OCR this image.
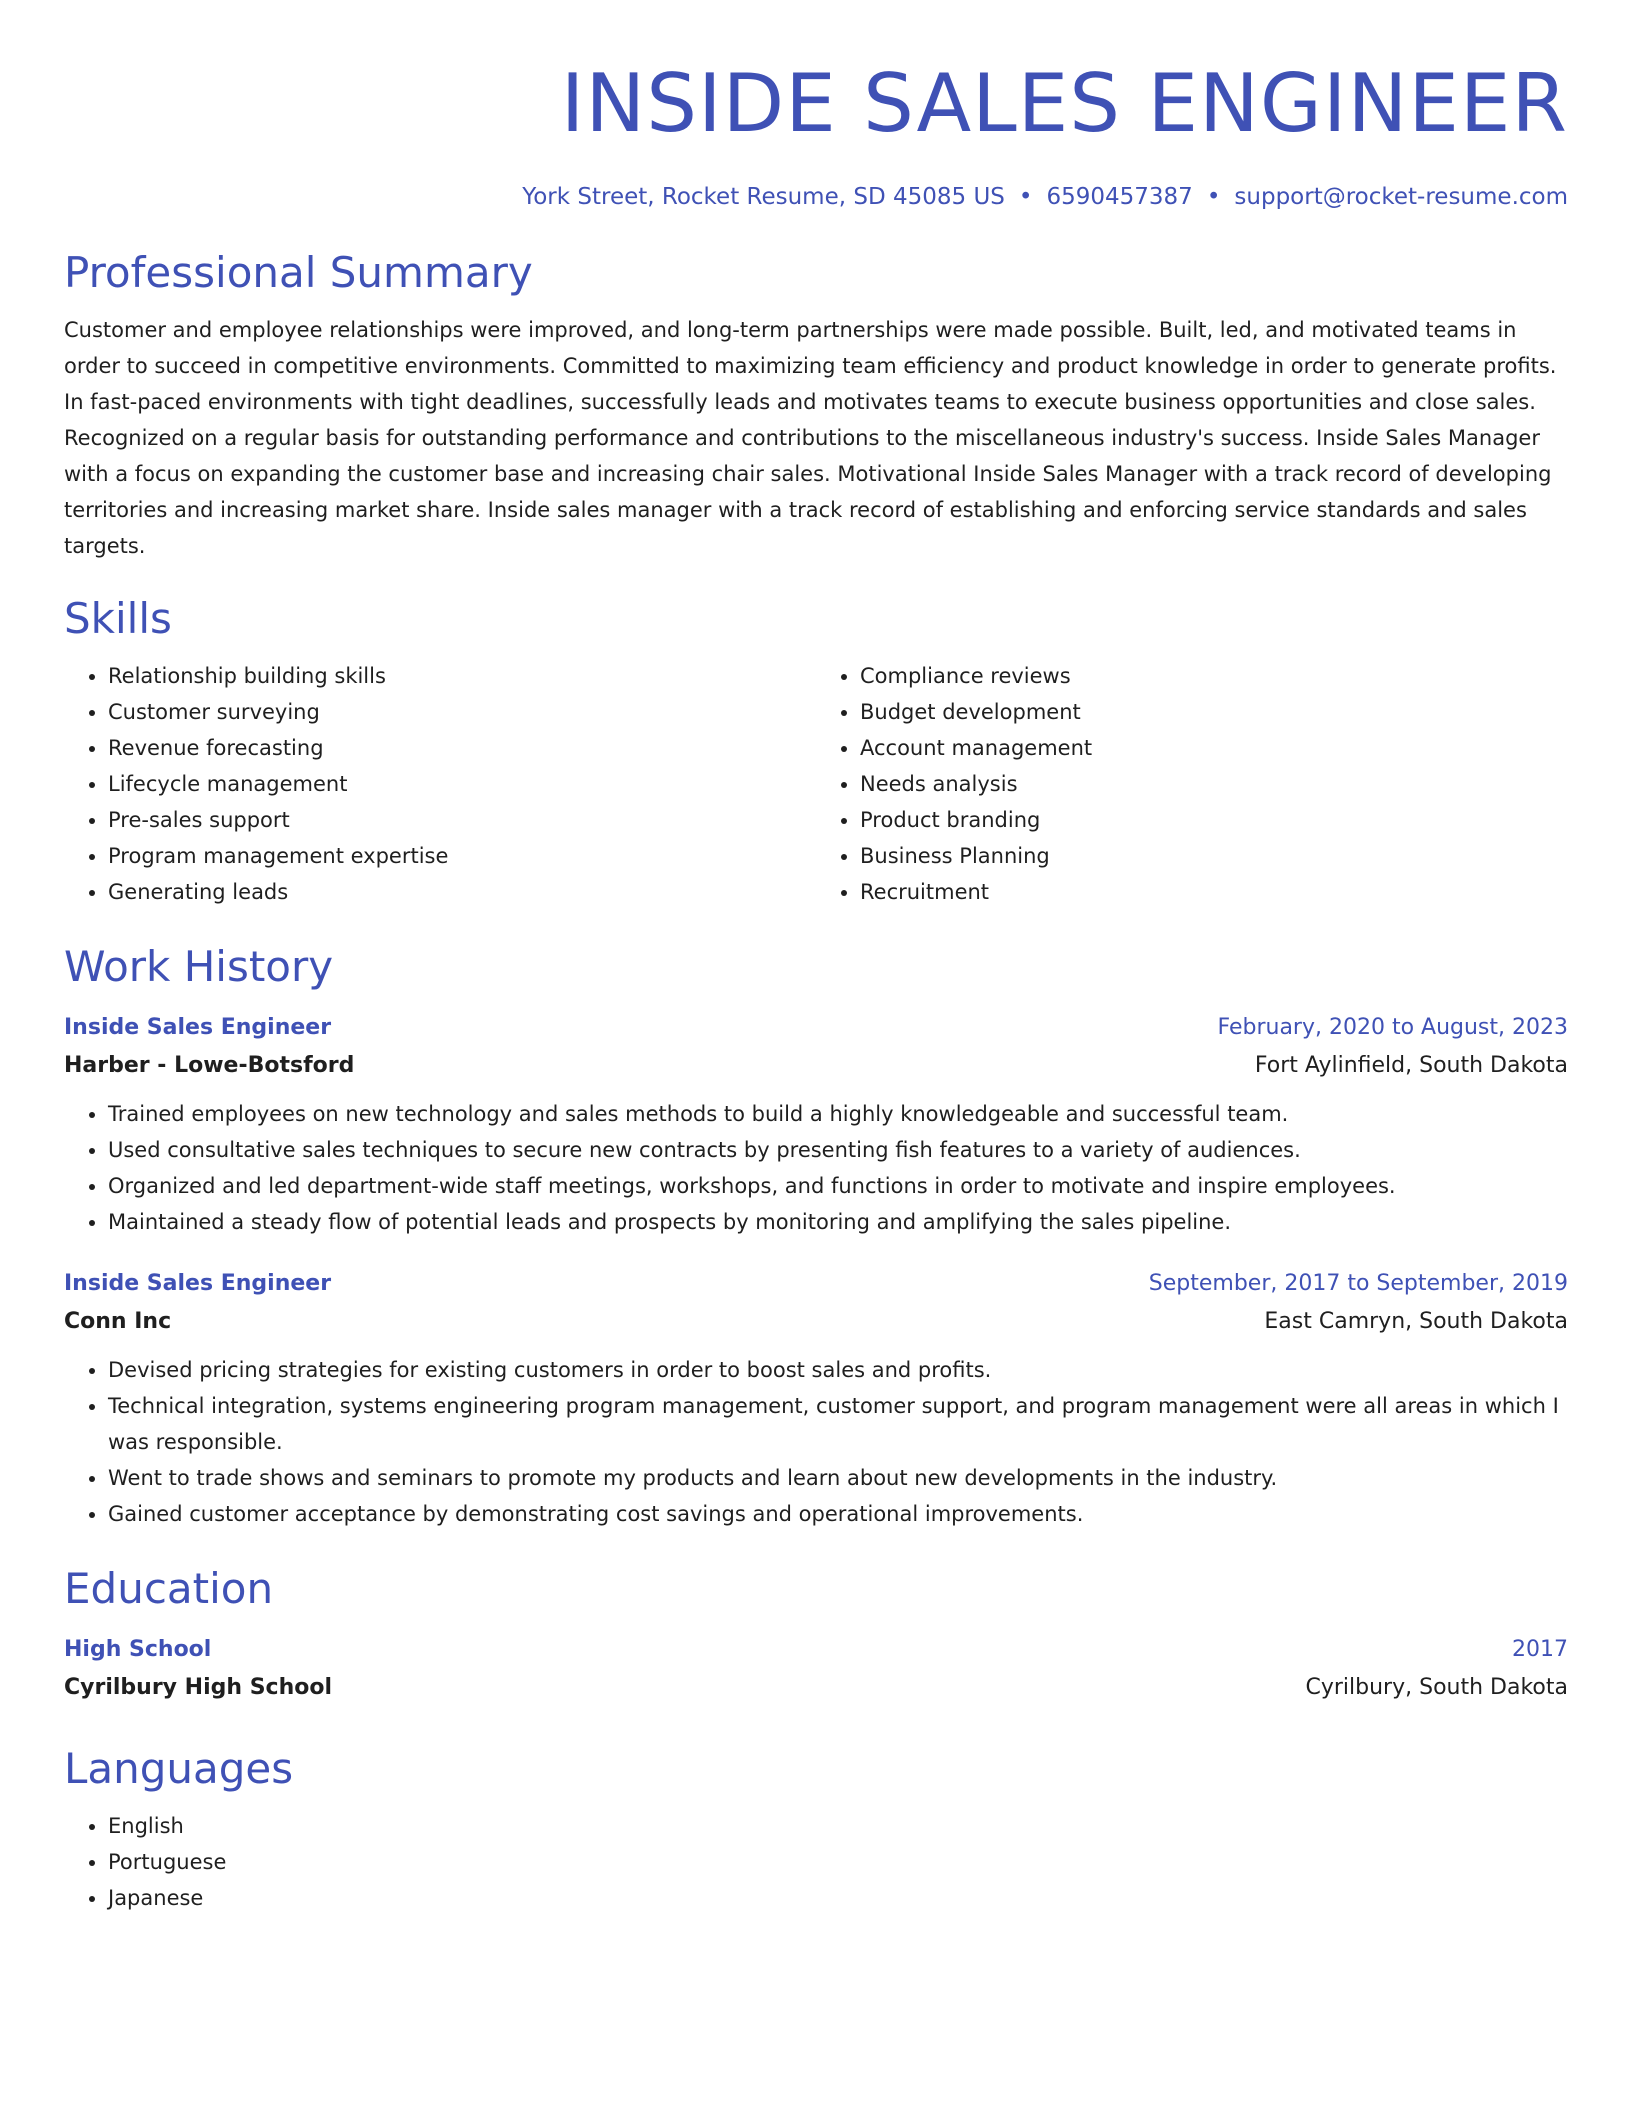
INSIDE SALES ENGINEER
York Street, Rocket Resume, SD 45085 US • 6590457387 • support@rocket-resume.com
Professional Summary
Customer and employee relationships were improved, and long-term partnerships were made possible. Built, led, and motivated teams in order to succeed in competitive environments. Committed to maximizing team efficiency and product knowledge in order to generate profits. In fast-paced environments with tight deadlines, successfully leads and motivates teams to execute business opportunities and close sales. Recognized on a regular basis for outstanding performance and contributions to the miscellaneous industry's success. Inside Sales Manager with a focus on expanding the customer base and increasing chair sales. Motivational Inside Sales Manager with a track record of developing territories and increasing market share. Inside sales manager with a track record of establishing and enforcing service standards and sales targets.
Skills
• Relationship building skills
• Customer surveying
• Revenue forecasting
• Lifecycle management
• Pre-sales support
• Program management expertise
• Generating leads
• Compliance reviews
• Budget development
• Account management
• Needs analysis
• Product branding
• Business Planning
• Recruitment
Work History
Inside Sales Engineer	February, 2020 to August, 2023
Harber - Lowe-Botsford	Fort Aylinfield, South Dakota
• Trained employees on new technology and sales methods to build a highly knowledgeable and successful team.
• Used consultative sales techniques to secure new contracts by presenting fish features to a variety of audiences.
• Organized and led department-wide staff meetings, workshops, and functions in order to motivate and inspire employees.
• Maintained a steady flow of potential leads and prospects by monitoring and amplifying the sales pipeline.
Inside Sales Engineer	September, 2017 to September, 2019
Conn Inc	East Camryn, South Dakota
• Devised pricing strategies for existing customers in order to boost sales and profits.
• Technical integration, systems engineering program management, customer support, and program management were all areas in which I was responsible.
• Went to trade shows and seminars to promote my products and learn about new developments in the industry.
• Gained customer acceptance by demonstrating cost savings and operational improvements.
Education
High School	2017
Cyrilbury High School	Cyrilbury, South Dakota
Languages
• English
• Portuguese
• Japanese
